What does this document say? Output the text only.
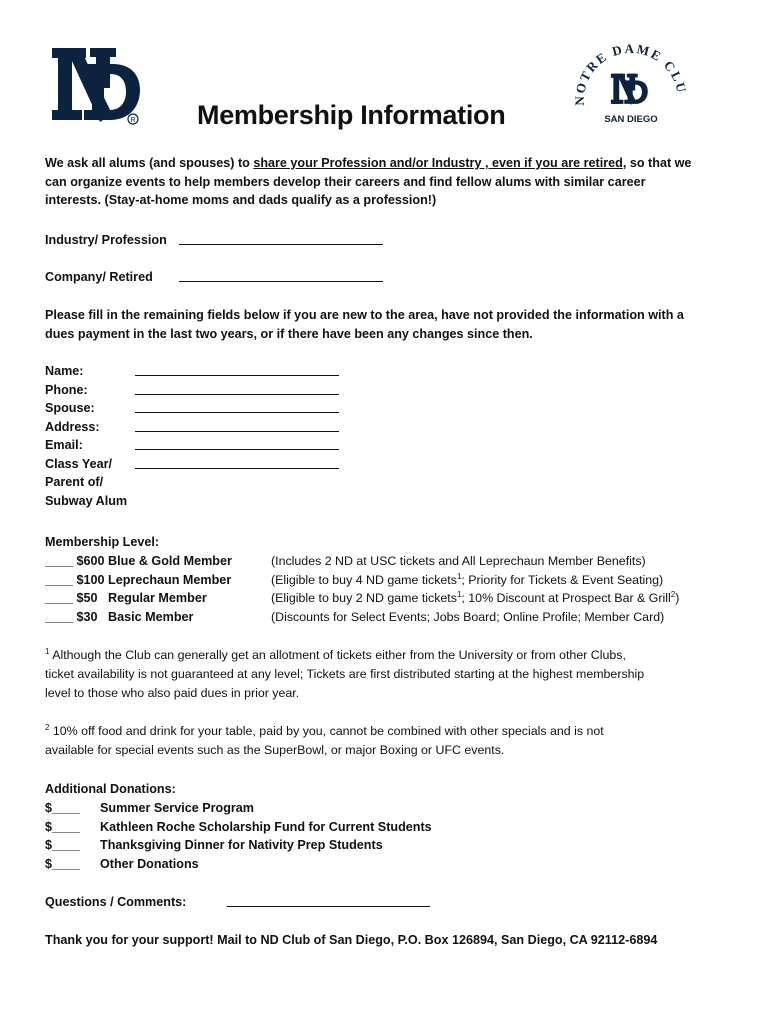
R
NOTRE DAME CLU
SAN DIEGO
Membership Information
We ask all alums (and spouses) to share your Profession and/or Industry , even if you are retired, so that we
can organize events to help members develop their careers and find fellow alums with similar career
interests. (Stay-at-home moms and dads qualify as a profession!)
Industry/ Profession
Company/ Retired
Please fill in the remaining fields below if you are new to the area, have not provided the information with a
dues payment in the last two years, or if there have been any changes since then.
Name:
Phone:
Spouse:
Address:
Email:
Class Year/
Parent of/
Subway Alum
Membership Level:
____ $600 Blue & Gold Member
____ $100 Leprechaun Member
____ $50   Regular Member
____ $30   Basic Member
(Includes 2 ND at USC tickets and All Leprechaun Member Benefits)
(Eligible to buy 4 ND game tickets$^1$; Priority for Tickets & Event Seating)
(Eligible to buy 2 ND game tickets$^1$; 10% Discount at Prospect Bar & Grill$^2$)
(Discounts for Select Events; Jobs Board; Online Profile; Member Card)
$^1$ Although the Club can generally get an allotment of tickets either from the University or from other Clubs,
ticket availability is not guaranteed at any level; Tickets are first distributed starting at the highest membership
level to those who also paid dues in prior year.
$^2$ 10% off food and drink for your table, paid by you, cannot be combined with other specials and is not
available for special events such as the SuperBowl, or major Boxing or UFC events.
Additional Donations:
$____
$____
$____
$____
Summer Service Program
Kathleen Roche Scholarship Fund for Current Students
Thanksgiving Dinner for Nativity Prep Students
Other Donations
Questions / Comments:
Thank you for your support! Mail to ND Club of San Diego, P.O. Box 126894, San Diego, CA 92112-6894
